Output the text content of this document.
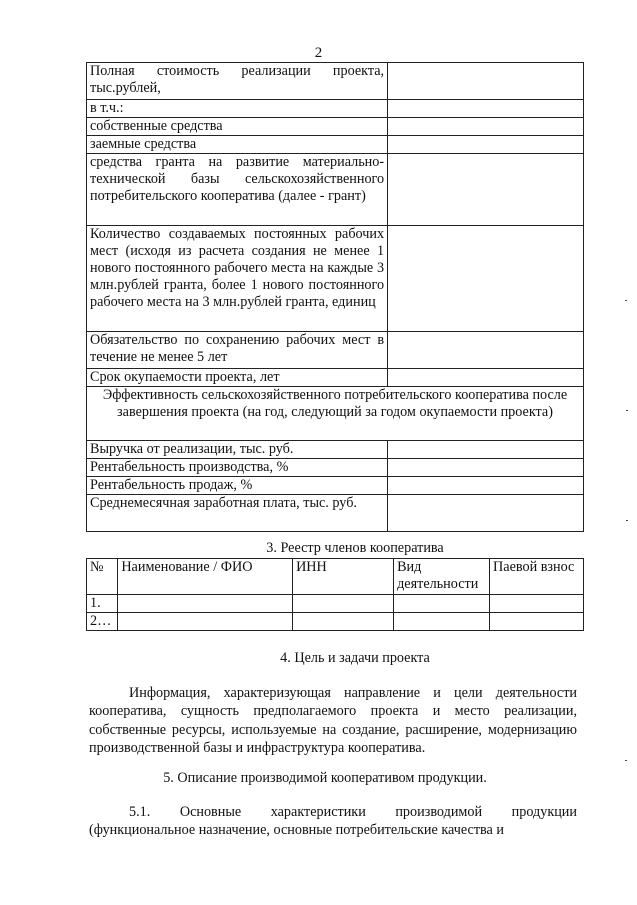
2
Полная стоимость реализации проекта, тыс.рублей,	
в т.ч.:	
собственные средства	
заемные средства	
средства гранта на развитие материально-технической базы сельскохозяйственного потребительского кооператива (далее - грант)	
Количество создаваемых постоянных рабочих мест (исходя из расчета создания не менее 1 нового постоянного рабочего места на каждые 3 млн.рублей гранта, более 1 нового постоянного рабочего места на 3 млн.рублей гранта, единиц	
Обязательство по сохранению рабочих мест в течение не менее 5 лет	
Срок окупаемости проекта, лет	
Эффективность сельскохозяйственного потребительского кооператива после завершения проекта (на год, следующий за годом окупаемости проекта)	
Выручка от реализации, тыс. руб.	
Рентабельность производства, %	
Рентабельность продаж, %	
Среднемесячная заработная плата, тыс. руб.	
3. Реестр членов кооператива
№	Наименование / ФИО	ИНН	Вид деятельности	Паевой взнос
1.				
2…				
4. Цель и задачи проекта
Информация, характеризующая направление и цели деятельности кооператива, сущность предполагаемого проекта и место реализации, собственные ресурсы, используемые на создание, расширение, модернизацию производственной базы и инфраструктура кооператива.
5. Описание производимой кооперативом продукции.
5.1.      Основные      характеристики      производимой      продукции (функциональное назначение, основные потребительские качества и
